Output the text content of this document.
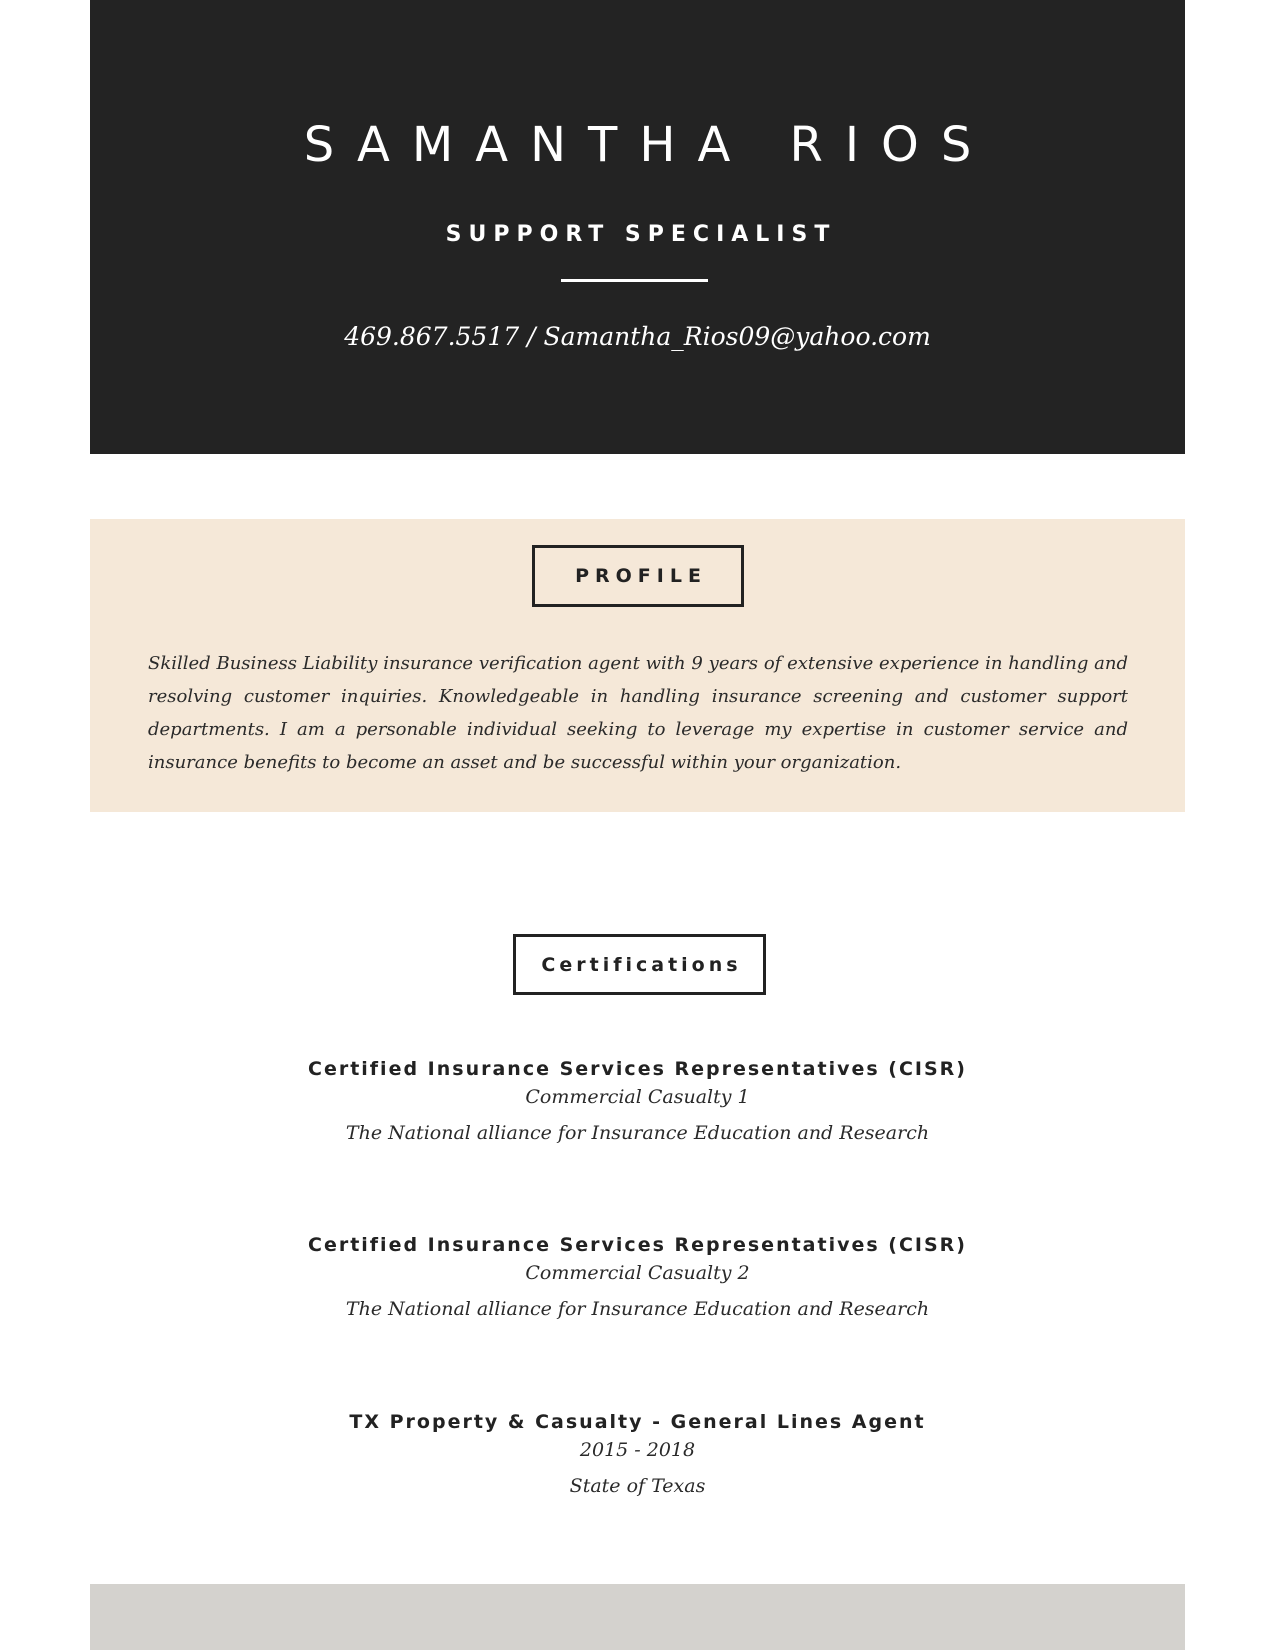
SAMANTHA RIOS
SUPPORT SPECIALIST
469.867.5517 / Samantha_Rios09@yahoo.com
PROFILE
Skilled Business Liability insurance verification agent with 9 years of extensive experience in handling and resolving customer inquiries. Knowledgeable in handling insurance screening and customer support departments. I am a personable individual seeking to leverage my expertise in customer service and insurance benefits to become an asset and be successful within your organization.
Certifications
Certified Insurance Services Representatives (CISR)
Commercial Casualty 1
The National alliance for Insurance Education and Research
Certified Insurance Services Representatives (CISR)
Commercial Casualty 2
The National alliance for Insurance Education and Research
TX Property & Casualty - General Lines Agent
2015 - 2018
State of Texas
